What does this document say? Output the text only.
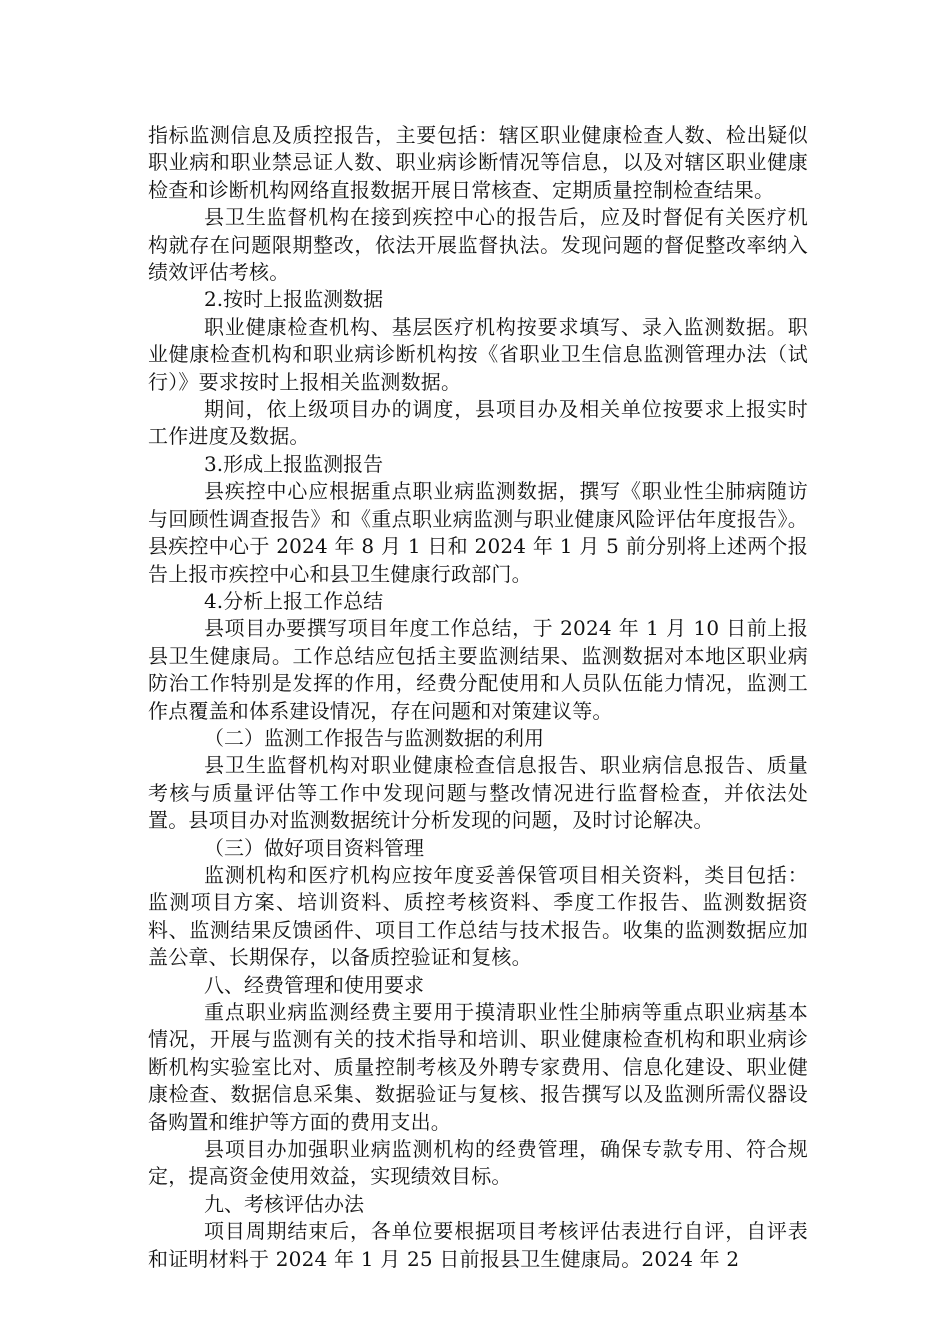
指标监测信息及质控报告，主要包括：辖区职业健康检查人数、检出疑似职业病和职业禁忌证人数、职业病诊断情况等信息，以及对辖区职业健康检查和诊断机构网络直报数据开展日常核查、定期质量控制检查结果。

县卫生监督机构在接到疾控中心的报告后，应及时督促有关医疗机构就存在问题限期整改，依法开展监督执法。发现问题的督促整改率纳入绩效评估考核。

2.按时上报监测数据

职业健康检查机构、基层医疗机构按要求填写、录入监测数据。职业健康检查机构和职业病诊断机构按《省职业卫生信息监测管理办法（试行）》要求按时上报相关监测数据。

期间，依上级项目办的调度，县项目办及相关单位按要求上报实时工作进度及数据。

3.形成上报监测报告

县疾控中心应根据重点职业病监测数据，撰写《职业性尘肺病随访与回顾性调查报告》和《重点职业病监测与职业健康风险评估年度报告》。县疾控中心于 2024 年 8 月 1 日和 2024 年 1 月 5 前分别将上述两个报告上报市疾控中心和县卫生健康行政部门。

4.分析上报工作总结

县项目办要撰写项目年度工作总结，于 2024 年 1 月 10 日前上报县卫生健康局。工作总结应包括主要监测结果、监测数据对本地区职业病防治工作特别是发挥的作用，经费分配使用和人员队伍能力情况，监测工作点覆盖和体系建设情况，存在问题和对策建议等。

（二）监测工作报告与监测数据的利用

县卫生监督机构对职业健康检查信息报告、职业病信息报告、质量考核与质量评估等工作中发现问题与整改情况进行监督检查，并依法处置。县项目办对监测数据统计分析发现的问题，及时讨论解决。

（三）做好项目资料管理

监测机构和医疗机构应按年度妥善保管项目相关资料，类目包括：监测项目方案、培训资料、质控考核资料、季度工作报告、监测数据资料、监测结果反馈函件、项目工作总结与技术报告。收集的监测数据应加盖公章、长期保存，以备质控验证和复核。

八、经费管理和使用要求

重点职业病监测经费主要用于摸清职业性尘肺病等重点职业病基本情况，开展与监测有关的技术指导和培训、职业健康检查机构和职业病诊断机构实验室比对、质量控制考核及外聘专家费用、信息化建设、职业健康检查、数据信息采集、数据验证与复核、报告撰写以及监测所需仪器设备购置和维护等方面的费用支出。

县项目办加强职业病监测机构的经费管理，确保专款专用、符合规定，提高资金使用效益，实现绩效目标。

九、考核评估办法

项目周期结束后，各单位要根据项目考核评估表进行自评，自评表和证明材料于 2024 年 1 月 25 日前报县卫生健康局。2024 年 2
